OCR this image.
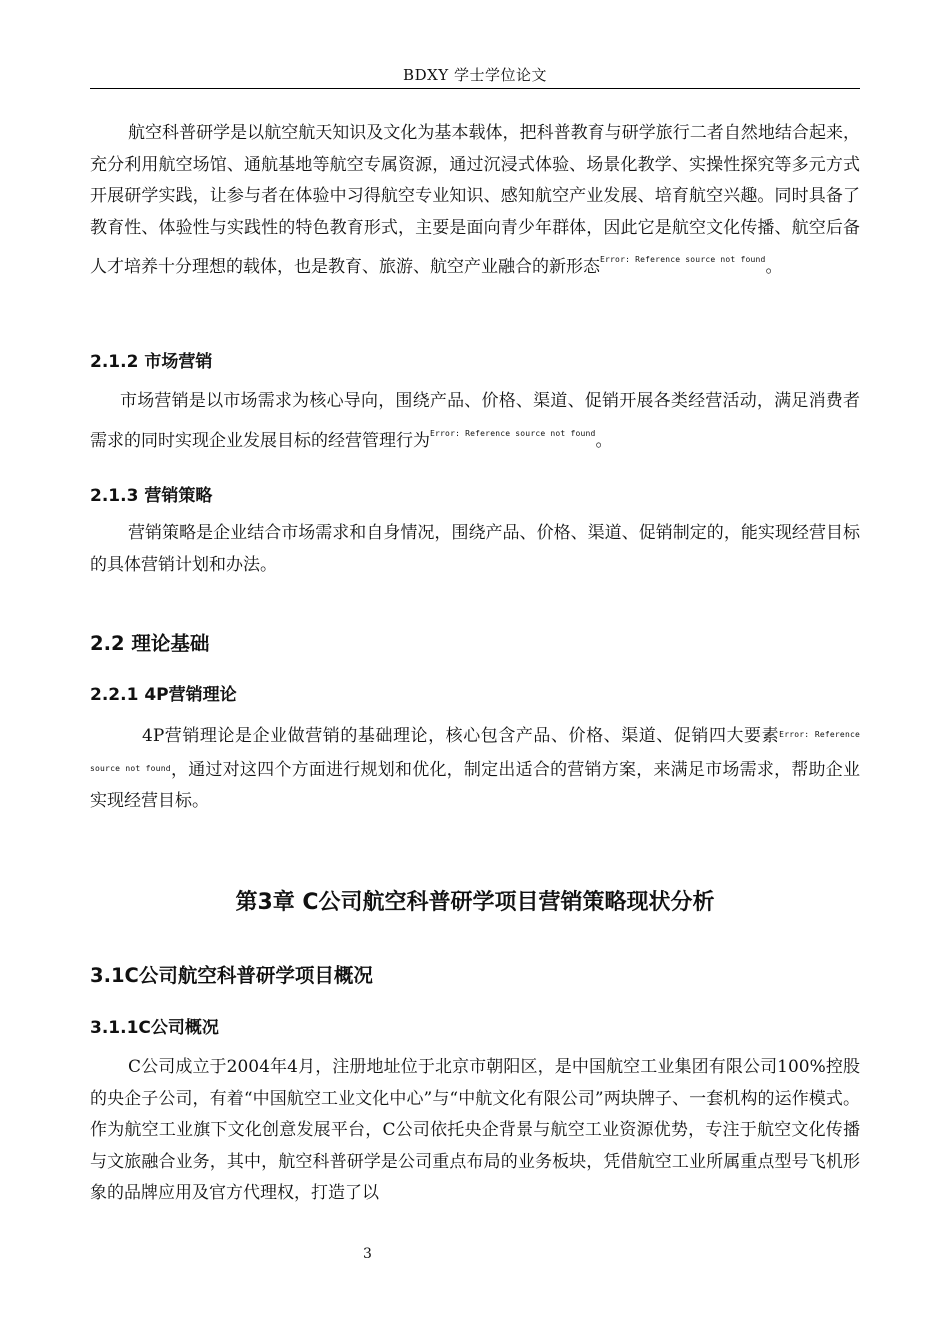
BDXY 学士学位论文

航空科普研学是以航空航天知识及文化为基本载体，把科普教育与研学旅行二者自然地结合起来，充分利用航空场馆、通航基地等航空专属资源，通过沉浸式体验、场景化教学、实操性探究等多元方式开展研学实践，让参与者在体验中习得航空专业知识、感知航空产业发展、培育航空兴趣。同时具备了教育性、体验性与实践性的特色教育形式，主要是面向青少年群体，因此它是航空文化传播、航空后备人才培养十分理想的载体，也是教育、旅游、航空产业融合的新形态$^{Error: Reference source not found}$。

2.1.2 市场营销

市场营销是以市场需求为核心导向，围绕产品、价格、渠道、促销开展各类经营活动，满足消费者需求的同时实现企业发展目标的经营管理行为$^{Error: Reference source not found}$。

2.1.3 营销策略

营销策略是企业结合市场需求和自身情况，围绕产品、价格、渠道、促销制定的，能实现经营目标的具体营销计划和办法。

2.2 理论基础
2.2.1 4P营销理论

4P营销理论是企业做营销的基础理论，核心包含产品、价格、渠道、促销四大要素$^{Error: Reference source not found}$，通过对这四个方面进行规划和优化，制定出适合的营销方案，来满足市场需求，帮助企业实现经营目标。

第3章 C公司航空科普研学项目营销策略现状分析
3.1C公司航空科普研学项目概况
3.1.1C公司概况

C公司成立于2004年4月，注册地址位于北京市朝阳区，是中国航空工业集团有限公司100%控股的央企子公司，有着“中国航空工业文化中心”与“中航文化有限公司”两块牌子、一套机构的运作模式。作为航空工业旗下文化创意发展平台，C公司依托央企背景与航空工业资源优势，专注于航空文化传播与文旅融合业务，其中，航空科普研学是公司重点布局的业务板块，凭借航空工业所属重点型号飞机形象的品牌应用及官方代理权，打造了以

3
